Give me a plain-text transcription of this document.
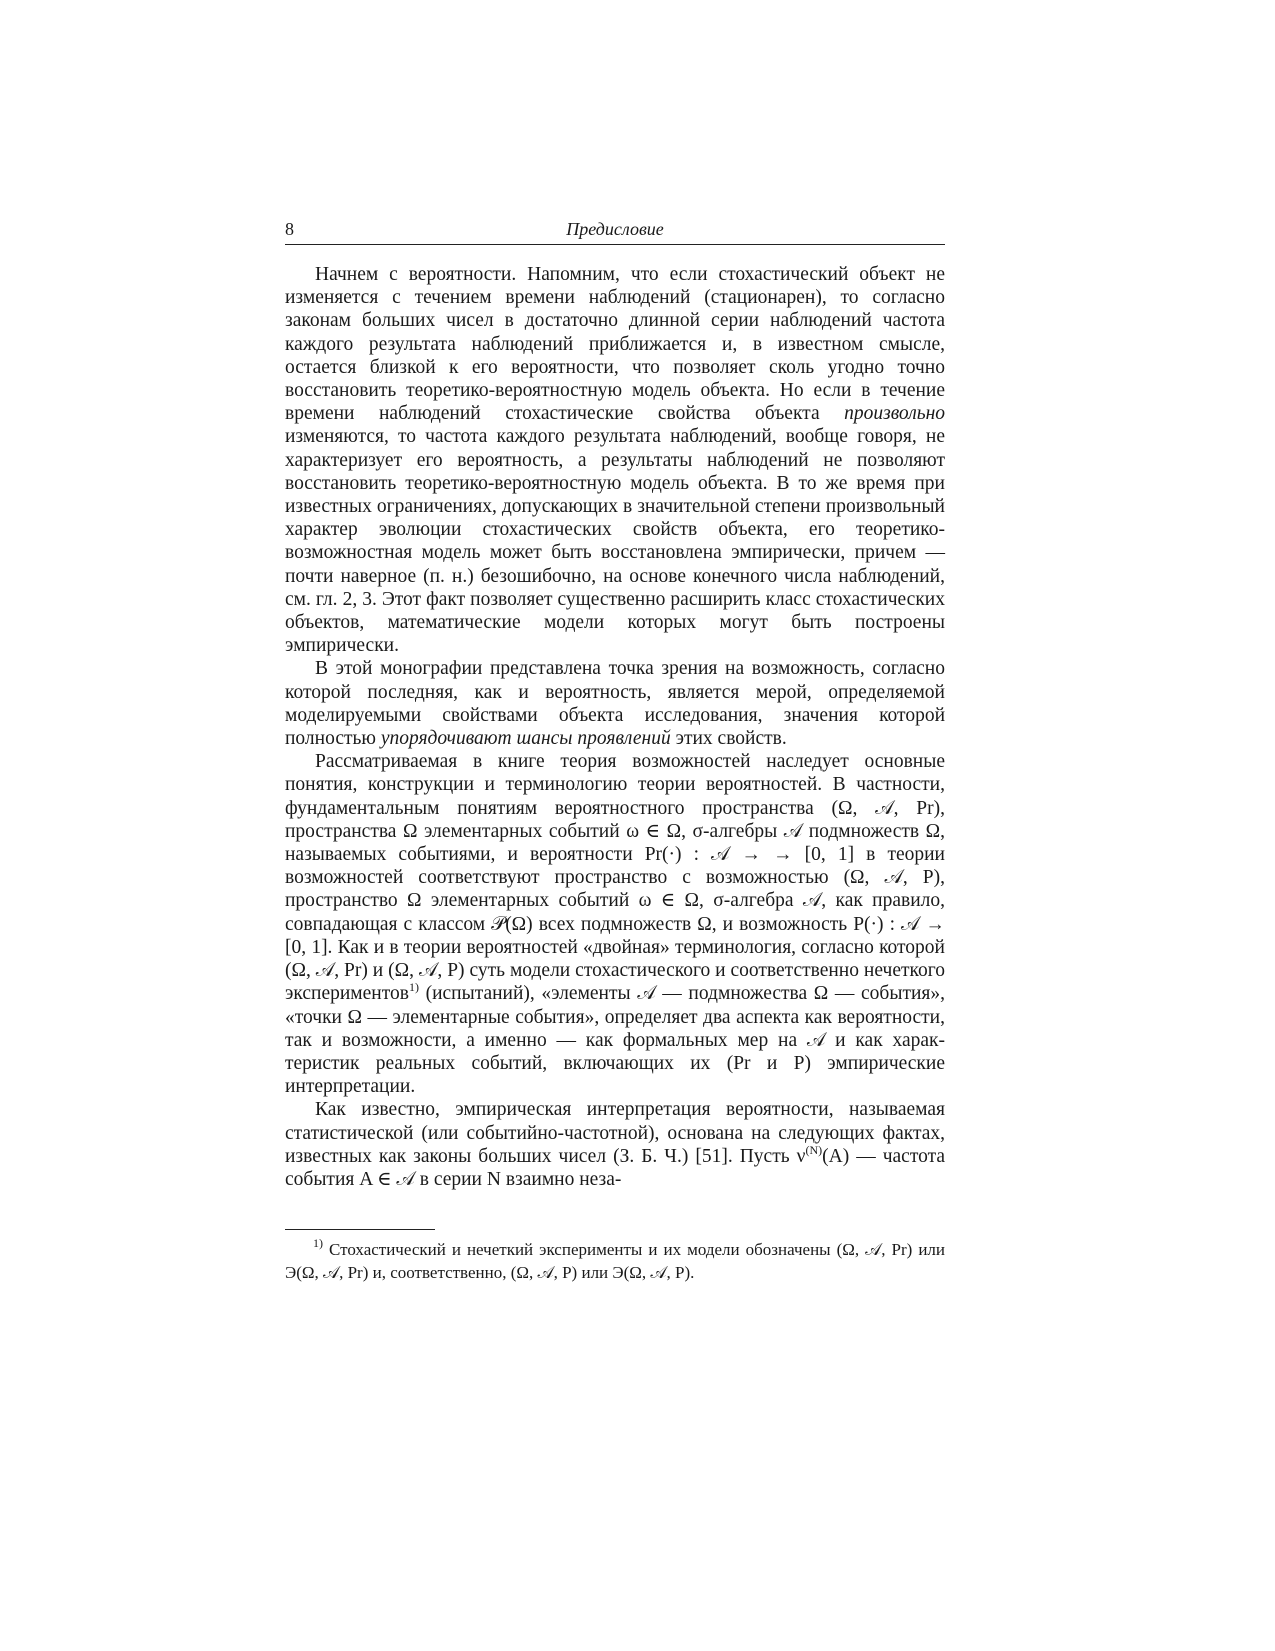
8	Предисловие

Начнем с вероятности. Напомним, что если стохастический объект не изменяется с течением времени наблюдений (стационарен), то согласно законам больших чисел в достаточно длинной серии наблюдений частота каждого результата наблюдений приближается и, в известном смысле, остается близкой к его вероятности, что позволяет сколь угодно точно восстановить теоретико-вероятностную модель объекта. Но если в течение времени наблюдений стохастические свойства объекта произвольно изменяются, то частота каждого результата наблюдений, вообще говоря, не характеризует его вероятность, а результаты наблюдений не позволяют восстановить теоретико-вероятностную модель объекта. В то же время при известных ограничениях, допускающих в значительной степени произвольный характер эволюции стохастических свойств объекта, его теоретико-возможностная модель может быть восстановлена эмпирически, причем — почти наверное (п. н.) безошибочно, на основе конечного числа наблюдений, см. гл. 2, 3. Этот факт позволяет существенно расширить класс стохастических объектов, математические модели которых могут быть построены эмпирически.

В этой монографии представлена точка зрения на возможность, согласно которой последняя, как и вероятность, является мерой, определяемой моделируемыми свойствами объекта исследования, значения которой полностью упорядочивают шансы проявлений этих свойств.

Рассматриваемая в книге теория возможностей наследует основные понятия, конструкции и терминологию теории вероятностей. В частности, фундаментальным понятиям вероятностного пространства (Ω, 𝒜, Pr), пространства Ω элементарных событий ω ∈ Ω, σ-алгебры 𝒜 подмножеств Ω, называемых событиями, и вероятности Pr(·) : 𝒜 → → [0, 1] в теории возможностей соответствуют пространство с возможностью (Ω, 𝒜, P), пространство Ω элементарных событий ω ∈ Ω, σ-алгебра 𝒜, как правило, совпадающая с классом 𝒫(Ω) всех подмножеств Ω, и возможность P(·) : 𝒜 → [0, 1]. Как и в теории вероятностей «двойная» терминология, согласно которой (Ω, 𝒜, Pr) и (Ω, 𝒜, P) суть модели стохастического и соответственно нечеткого экспериментов$^{1)}$ (испытаний), «элементы 𝒜 — подмножества Ω — события», «точки Ω — элементарные события», определяет два аспекта как вероятности, так и возможности, а именно — как формальных мер на 𝒜 и как характеристик реальных событий, включающих их (Pr и P) эмпирические интерпретации.

Как известно, эмпирическая интерпретация вероятности, называемая статистической (или событийно-частотной), основана на следующих фактах, известных как законы больших чисел (З. Б. Ч.) [51]. Пусть $\nu^{(N)}(A)$ — частота события A ∈ 𝒜 в серии N взаимно неза-

$^{1)}$ Стохастический и нечеткий эксперименты и их модели обозначены (Ω, 𝒜, Pr) или Э(Ω, 𝒜, Pr) и, соответственно, (Ω, 𝒜, P) или Э(Ω, 𝒜, P).
